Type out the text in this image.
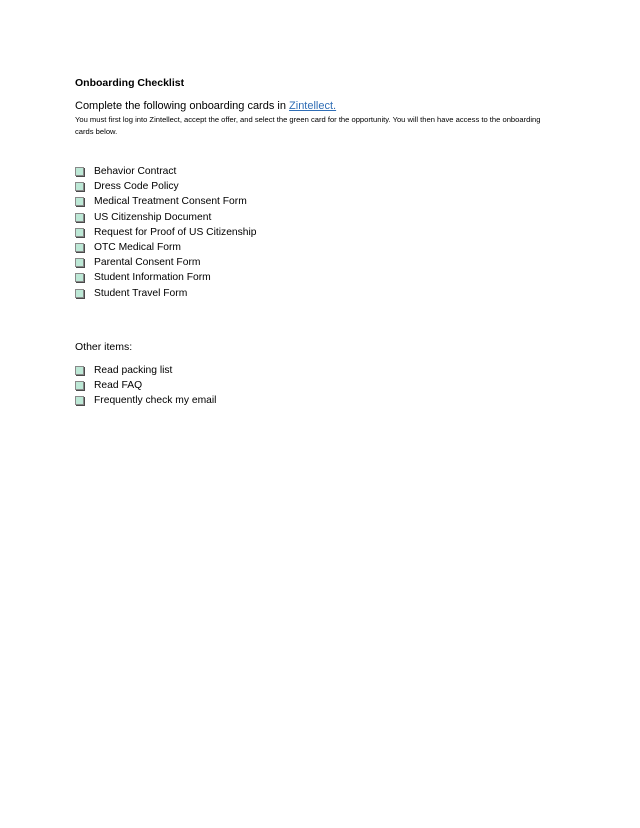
Onboarding Checklist

Complete the following onboarding cards in Zintellect.

You must first log into Zintellect, accept the offer, and select the green card for the opportunity. You will then have access to the onboarding cards below.

Behavior Contract
Dress Code Policy
Medical Treatment Consent Form
US Citizenship Document
Request for Proof of US Citizenship
OTC Medical Form
Parental Consent Form
Student Information Form
Student Travel Form
Other items:
Read packing list
Read FAQ
Frequently check my email
